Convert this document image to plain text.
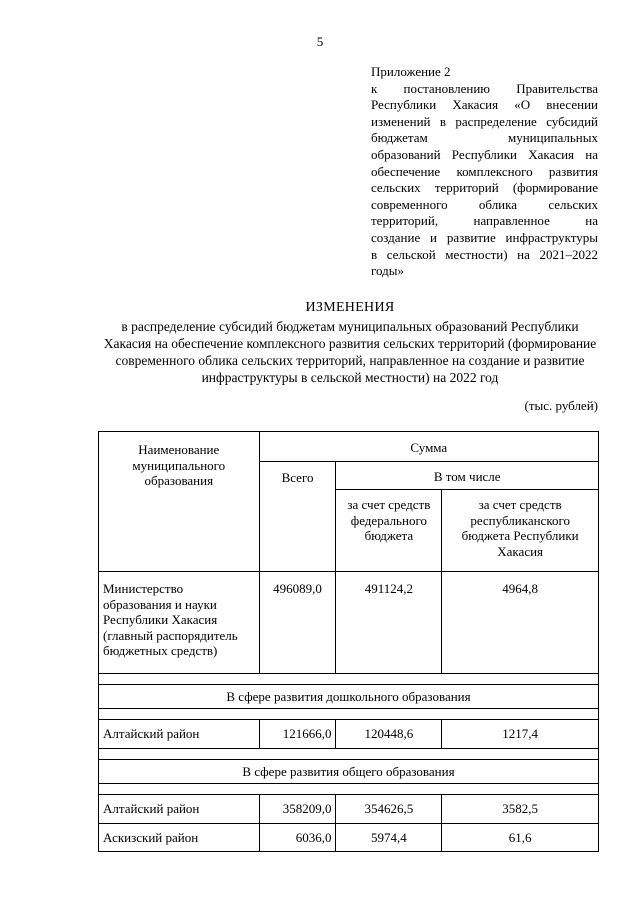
5
Приложение 2
к постановлению Правительства
Республики Хакасия «О внесении
изменений в распределение субсидий
бюджетам муниципальных
образований Республики Хакасия на
обеспечение комплексного развития
сельских территорий (формирование
современного облика сельских
территорий, направленное на
создание и развитие инфраструктуры
в сельской местности) на 2021–2022
годы»
ИЗМЕНЕНИЯ
в распределение субсидий бюджетам муниципальных образований Республики Хакасия на обеспечение комплексного развития сельских территорий (формирование современного облика сельских территорий, направленное на создание и развитие инфраструктуры в сельской местности) на 2022 год
(тыс. рублей)
Наименование муниципального образования	Сумма		
	Всего	В том числе	
		за счет средств федерального бюджета	за счет средств республиканского бюджета Республики Хакасия
Министерство образования и науки Республики Хакасия (главный распорядитель бюджетных средств)	496089,0	491124,2	4964,8

В сфере развития дошкольного образования			

Алтайский район	121666,0	120448,6	1217,4

В сфере развития общего образования			

Алтайский район	358209,0	354626,5	3582,5
Аскизский район	6036,0	5974,4	61,6
